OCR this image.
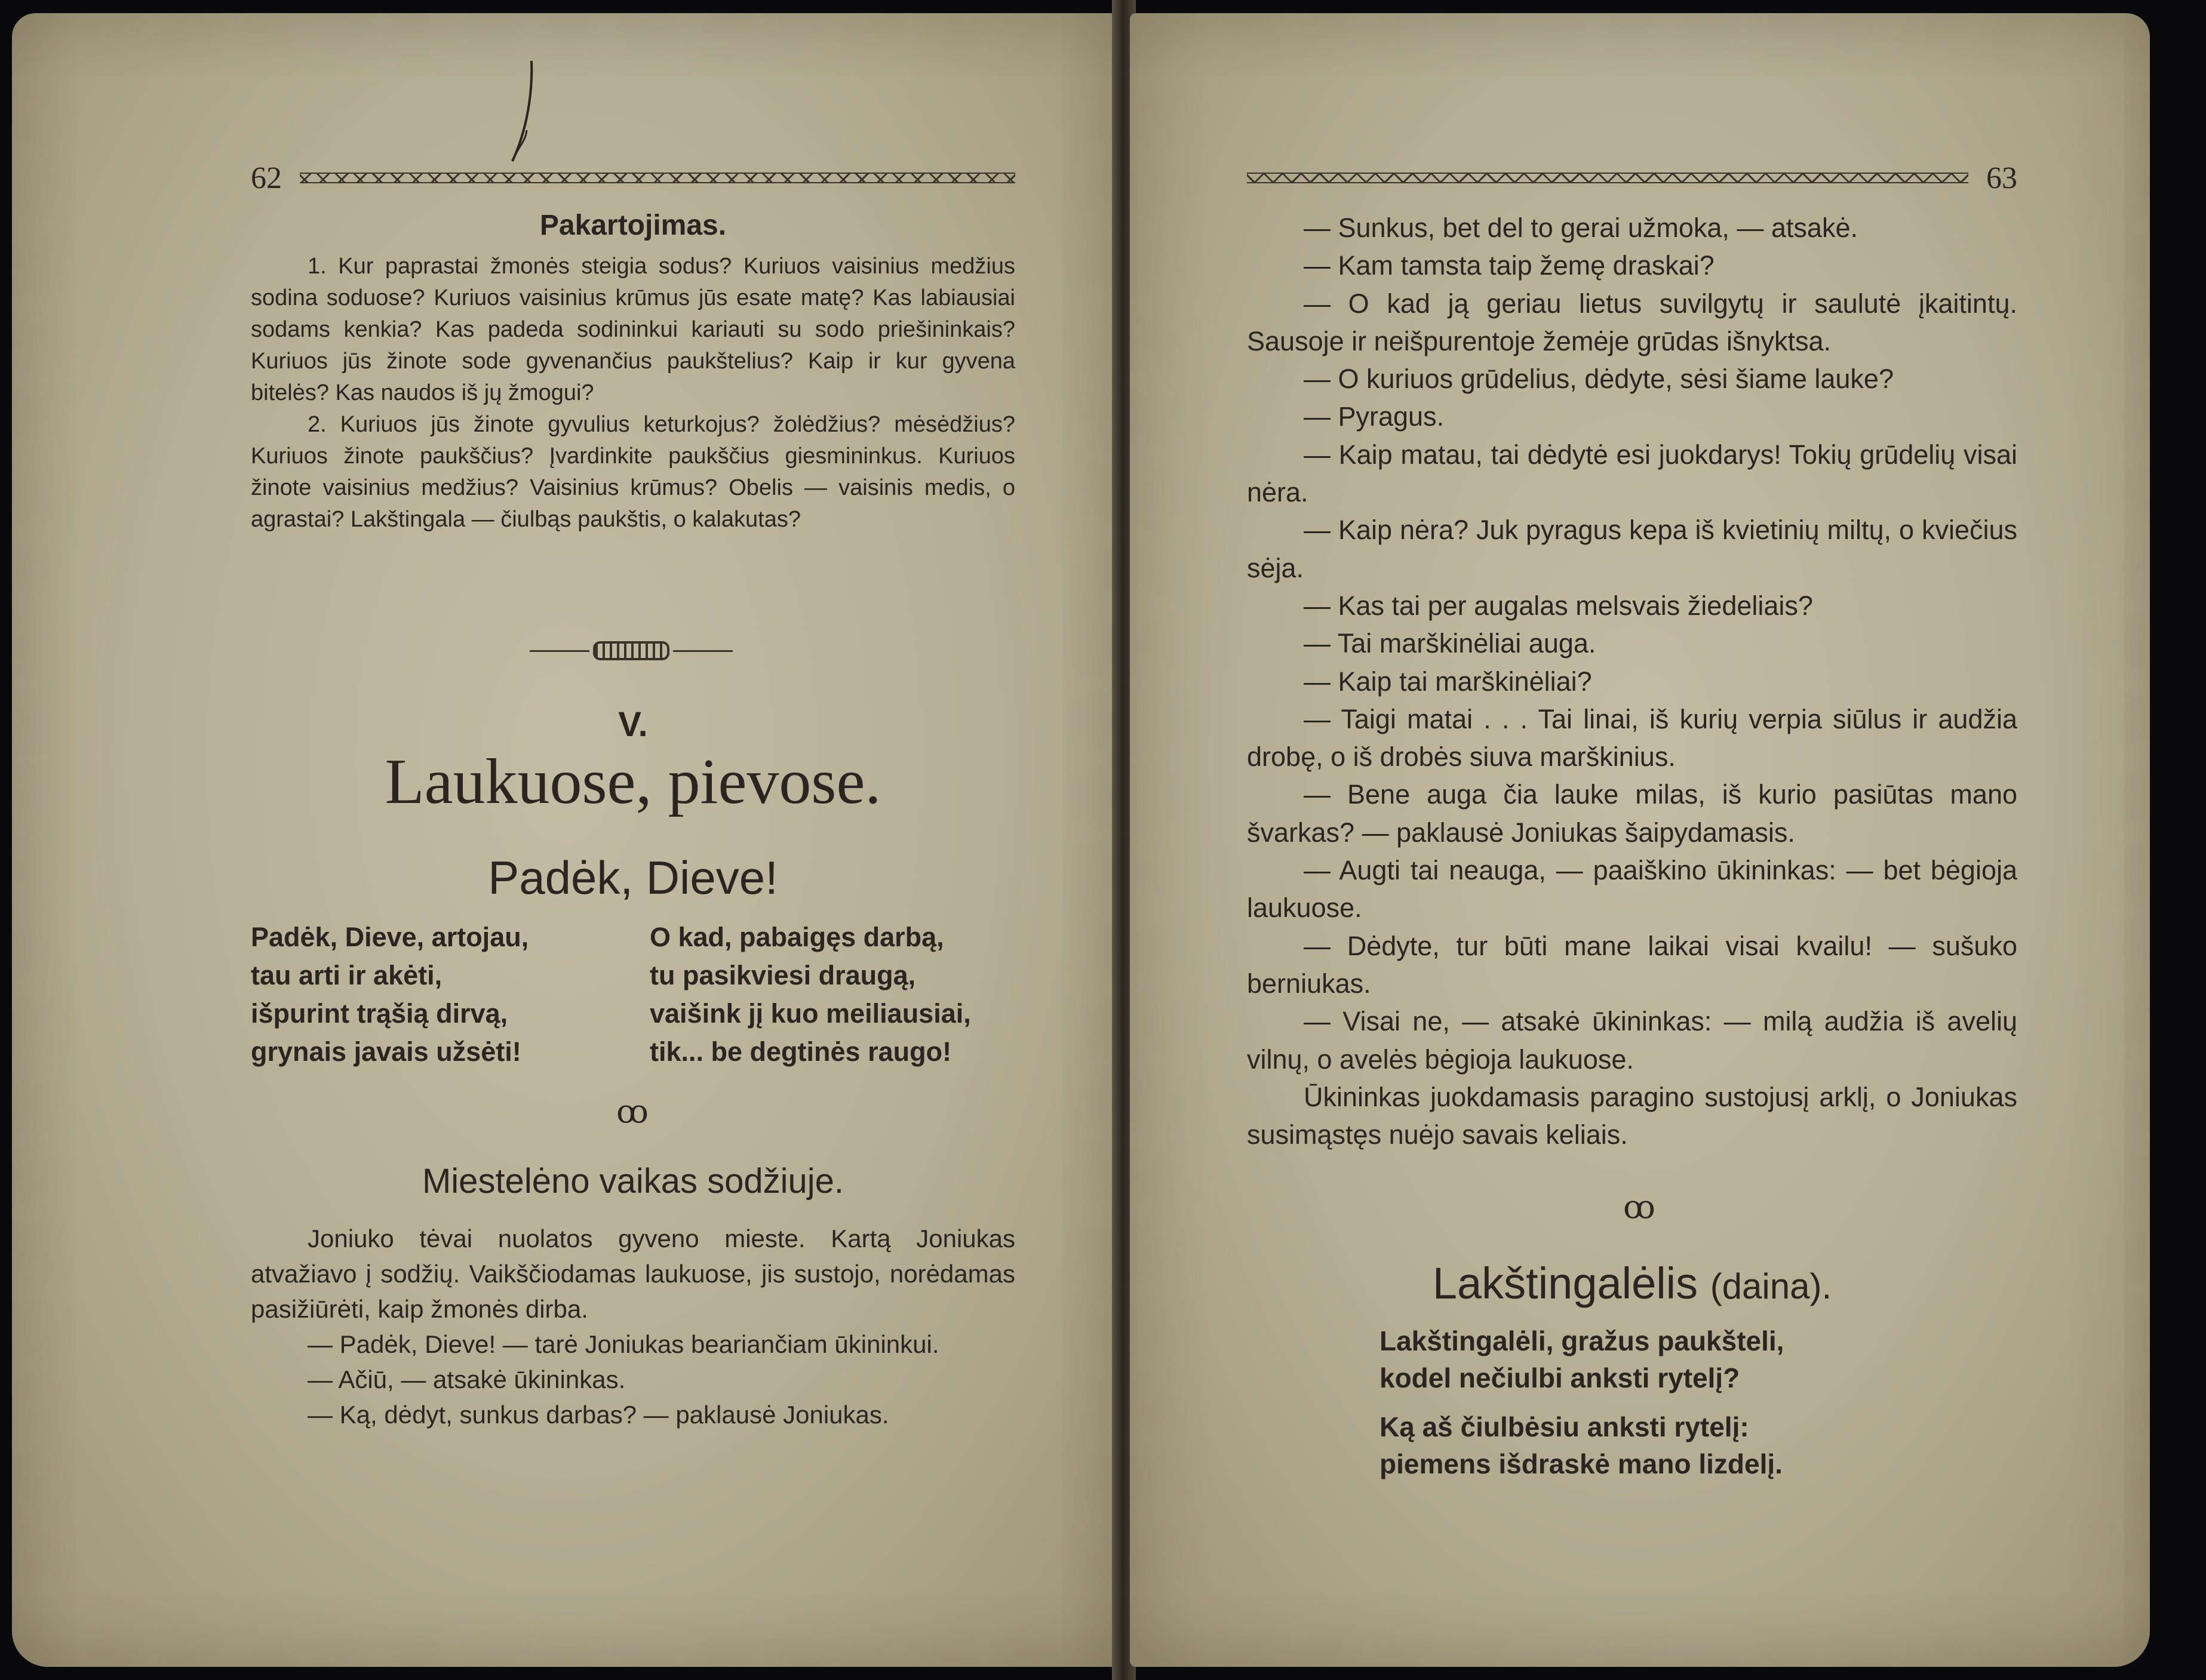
62
Pakartojimas.

1. Kur paprastai žmonės steigia sodus? Kuriuos vaisinius medžius sodina soduose? Kuriuos vaisinius krūmus jūs esate matę? Kas labiausiai sodams kenkia? Kas padeda sodininkui kariauti su sodo priešininkais? Kuriuos jūs žinote sode gyvenančius paukštelius? Kaip ir kur gyvena bitelės? Kas naudos iš jų žmogui?

2. Kuriuos jūs žinote gyvulius keturkojus? žolėdžius? mėsėdžius? Kuriuos žinote paukščius? Įvardinkite paukščius giesmininkus. Kuriuos žinote vaisinius medžius? Vaisinius krūmus? Obelis — vaisinis medis, o agrastai? Lakštingala — čiulbąs paukštis, o kalakutas?

V.
Laukuose, pievose.
Padėk, Dieve!

Padėk, Dieve, artojau,

tau arti ir akėti,

išpurint trąšią dirvą,

grynais javais užsėti!

O kad, pabaigęs darbą,

tu pasikviesi draugą,

vaišink jį kuo meiliausiai,

tik... be degtinės raugo!

ꝏ
Miestelėno vaikas sodžiuje.

Joniuko tėvai nuolatos gyveno mieste. Kartą Joniukas atvažiavo į sodžių. Vaikščiodamas laukuose, jis sustojo, norėdamas pasižiūrėti, kaip žmonės dirba.

— Padėk, Dieve! — tarė Joniukas beariančiam ūkininkui.

— Ačiū, — atsakė ūkininkas.

— Ką, dėdyt, sunkus darbas? — paklausė Joniukas.

63

— Sunkus, bet del to gerai užmoka, — atsakė.

— Kam tamsta taip žemę draskai?

— O kad ją geriau lietus suvilgytų ir saulutė įkaitintų. Sausoje ir neišpurentoje žemėje grūdas išnyktsa.

— O kuriuos grūdelius, dėdyte, sėsi šiame lauke?

— Pyragus.

— Kaip matau, tai dėdytė esi juokdarys! Tokių grūdelių visai nėra.

— Kaip nėra? Juk pyragus kepa iš kvietinių miltų, o kviečius sėja.

— Kas tai per augalas melsvais žiedeliais?

— Tai marškinėliai auga.

— Kaip tai marškinėliai?

— Taigi matai . . . Tai linai, iš kurių verpia siūlus ir audžia drobę, o iš drobės siuva marškinius.

— Bene auga čia lauke milas, iš kurio pasiūtas mano švarkas? — paklausė Joniukas šaipydamasis.

— Augti tai neauga, — paaiškino ūkininkas: — bet bėgioja laukuose.

— Dėdyte, tur būti mane laikai visai kvailu! — sušuko berniukas.

— Visai ne, — atsakė ūkininkas: — milą audžia iš avelių vilnų, o avelės bėgioja laukuose.

Ūkininkas juokdamasis paragino sustojusį arklį, o Joniukas susimąstęs nuėjo savais keliais.

ꝏ
Lakštingalėlis (daina).

Lakštingalėli, gražus paukšteli,

kodel nečiulbi anksti rytelį?

Ką aš čiulbėsiu anksti rytelį:

piemens išdraskė mano lizdelį.
